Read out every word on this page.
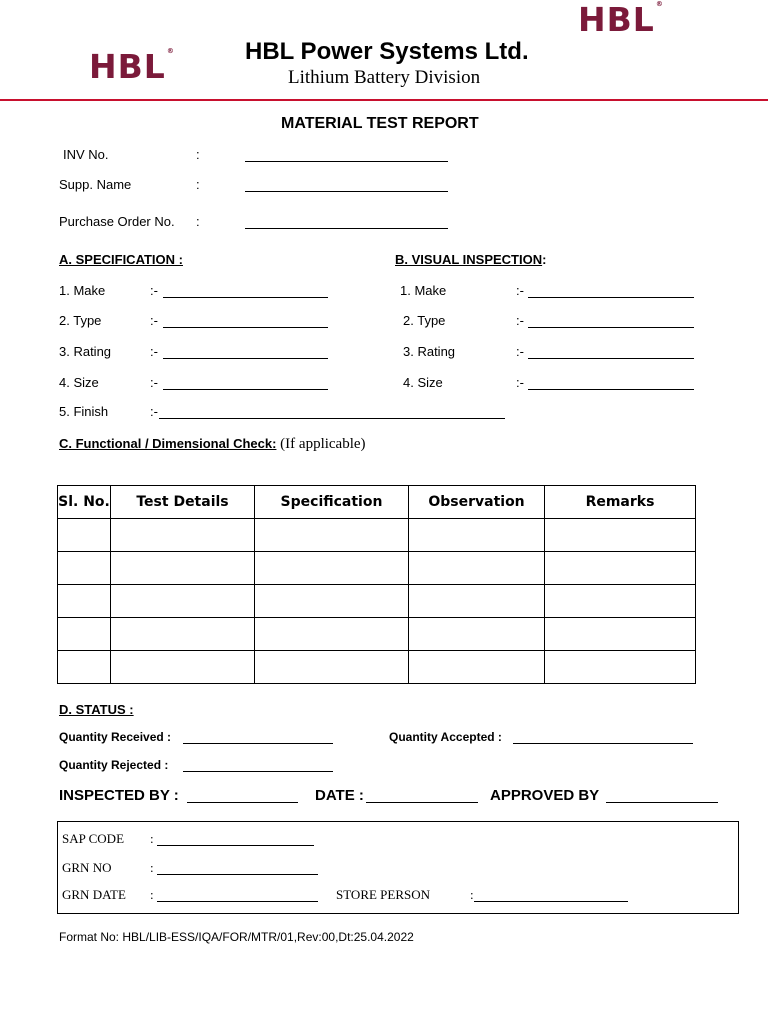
HBL®
HBL®	HBL Power Systems Ltd.
Lithium Battery Division
MATERIAL TEST REPORT
INV No.	:
Supp. Name	:
Purchase Order No. :
A. SPECIFICATION :
1. Make	:-
2. Type	:-
3. Rating	:-
4. Size	:-
5. Finish	:-
B. VISUAL INSPECTION:
1. Make	:-
2. Type	:-
3. Rating	:-
4. Size	:-
C. Functional / Dimensional Check: (If applicable)
Sl. No.	Test Details	Specification	Observation	Remarks

D. STATUS :
Quantity Received :	Quantity Accepted :
Quantity Rejected :
INSPECTED BY :	DATE :	APPROVED BY
SAP CODE :
GRN NO	:
GRN DATE :	STORE PERSON	:
Format No: HBL/LIB-ESS/IQA/FOR/MTR/01,Rev:00,Dt:25.04.2022
